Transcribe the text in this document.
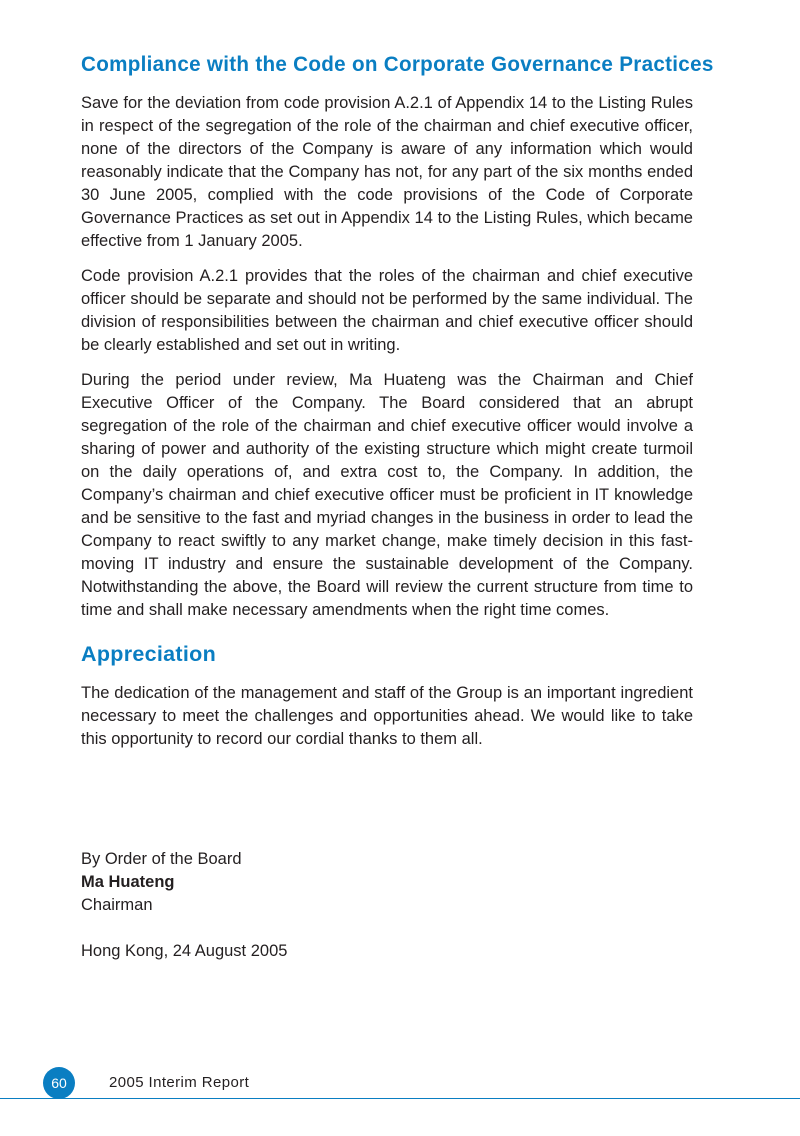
Compliance with the Code on Corporate Governance Practices

Save for the deviation from code provision A.2.1 of Appendix 14 to the Listing Rules in respect of the segregation of the role of the chairman and chief executive officer, none of the directors of the Company is aware of any information which would reasonably indicate that the Company has not, for any part of the six months ended 30 June 2005, complied with the code provisions of the Code of Corporate Governance Practices as set out in Appendix 14 to the Listing Rules, which became effective from 1 January 2005.

Code provision A.2.1 provides that the roles of the chairman and chief executive officer should be separate and should not be performed by the same individual. The division of responsibilities between the chairman and chief executive officer should be clearly established and set out in writing.

During the period under review, Ma Huateng was the Chairman and Chief Executive Officer of the Company. The Board considered that an abrupt segregation of the role of the chairman and chief executive officer would involve a sharing of power and authority of the existing structure which might create turmoil on the daily operations of, and extra cost to, the Company. In addition, the Company’s chairman and chief executive officer must be proficient in IT knowledge and be sensitive to the fast and myriad changes in the business in order to lead the Company to react swiftly to any market change, make timely decision in this fast-moving IT industry and ensure the sustainable development of the Company. Notwithstanding the above, the Board will review the current structure from time to time and shall make necessary amendments when the right time comes.

Appreciation

The dedication of the management and staff of the Group is an important ingredient necessary to meet the challenges and opportunities ahead. We would like to take this opportunity to record our cordial thanks to them all.

By Order of the Board
Ma Huateng
Chairman
Hong Kong, 24 August 2005
60	2005 Interim Report
